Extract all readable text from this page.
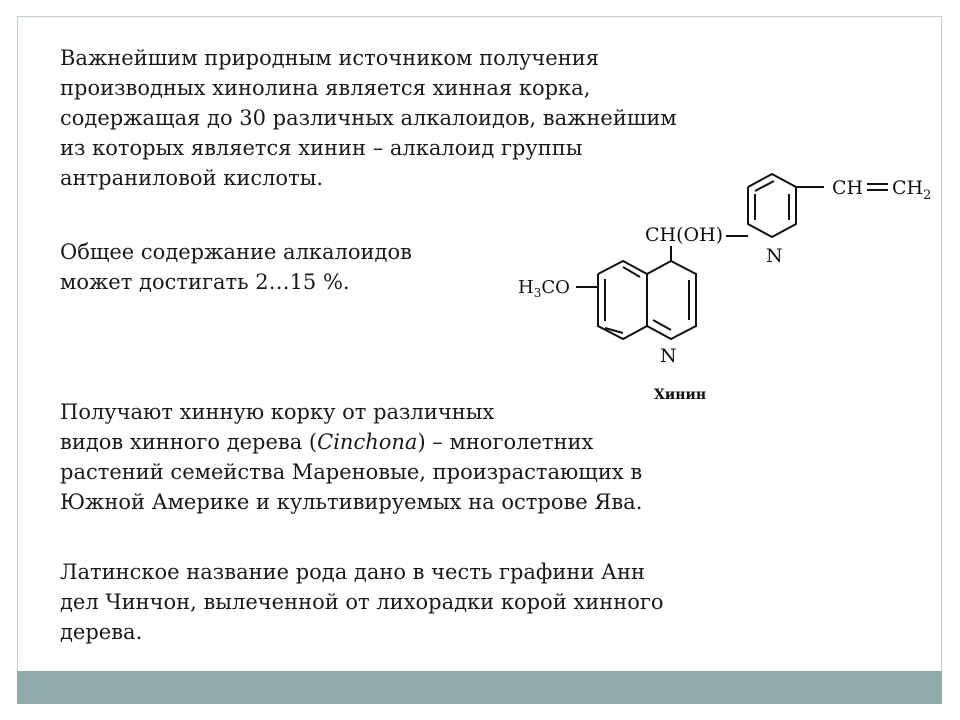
Важнейшим природным источником получения
производных хинолина является хинная корка,
содержащая до 30 различных алкалоидов, важнейшим
из которых является хинин – алкалоид группы
антраниловой кислоты.

Общее содержание алкалоидов
может достигать 2…15 %.

Получают хинную корку от различных
видов хинного дерева (Cinchona) – многолетних
растений семейства Мареновые, произрастающих в
Южной Америке и культивируемых на острове Ява.

Латинское название рода дано в честь графини Анн
дел Чинчон, вылеченной от лихорадки корой хинного
дерева.

CH $CH_2$
CH(OH)
N
$H_3CO$
N
Хинин
